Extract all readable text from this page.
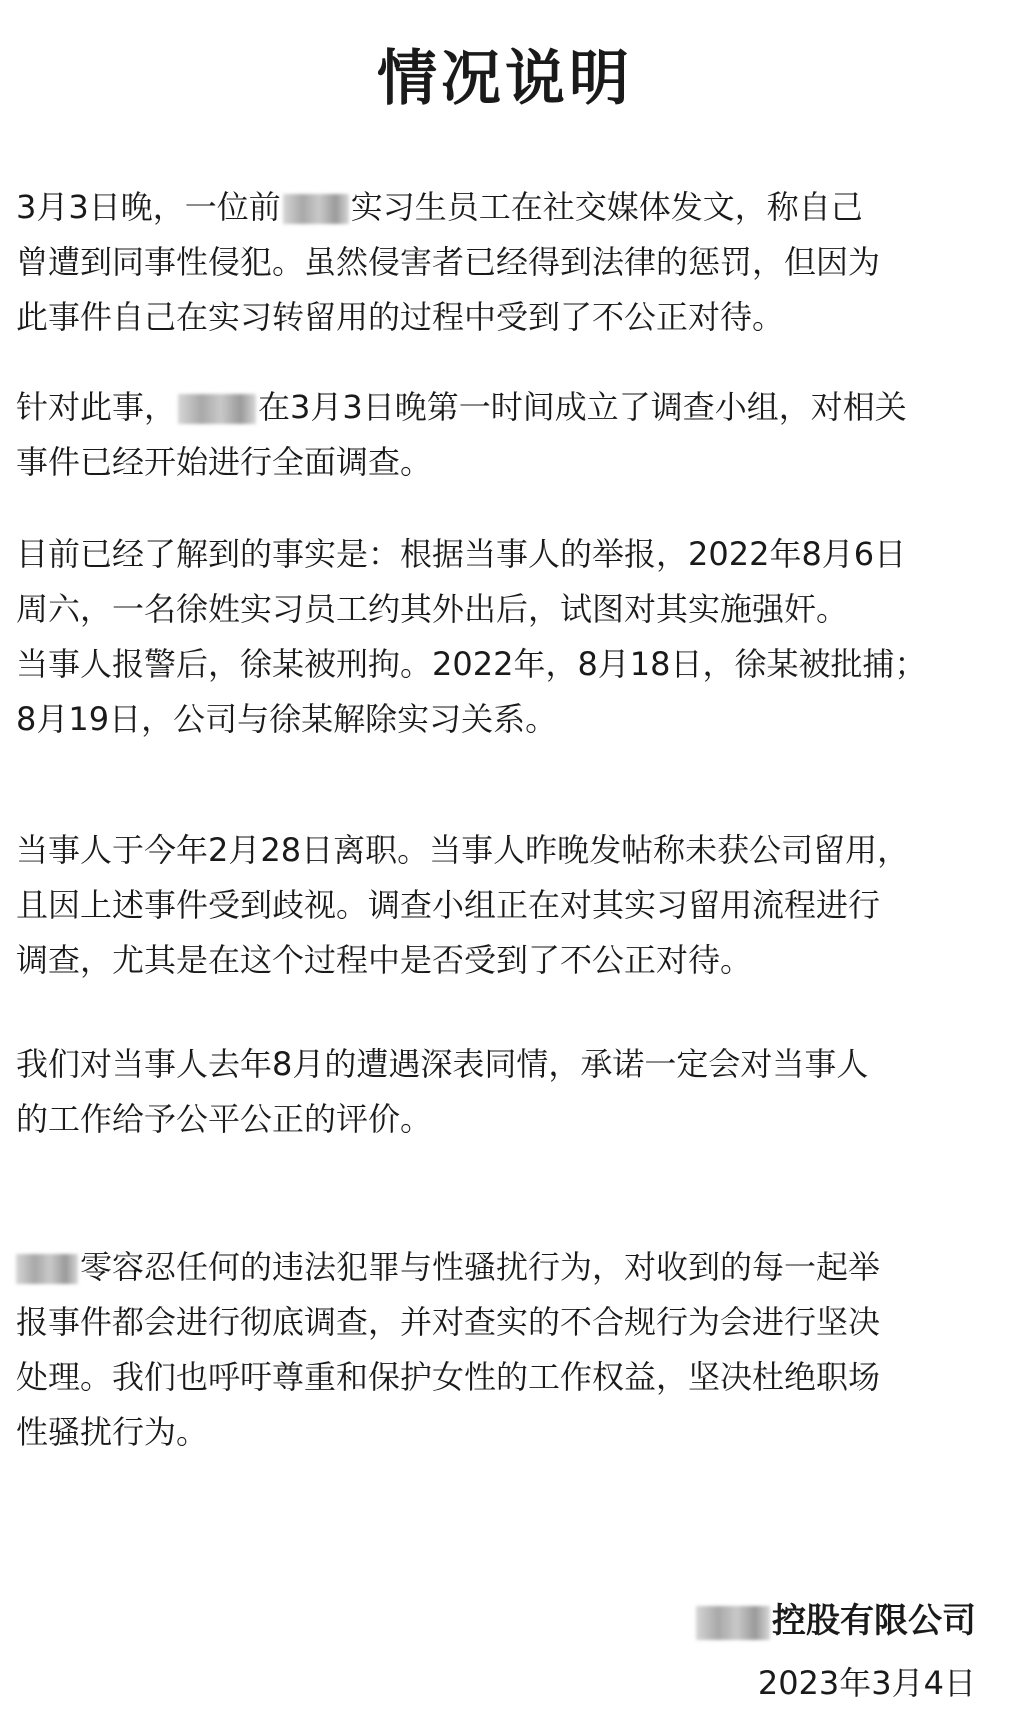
情况说明

3月3日晚，一位前 实习生员工在社交媒体发文，称自己
曾遭到同事性侵犯。虽然侵害者已经得到法律的惩罚，但因为
此事件自己在实习转留用的过程中受到了不公正对待。

针对此事，	在3月3日晚第一时间成立了调查小组，对相关
事件已经开始进行全面调查。

目前已经了解到的事实是：根据当事人的举报，2022年8月6日
周六，一名徐姓实习员工约其外出后，试图对其实施强奸。
当事人报警后，徐某被刑拘。2022年，8月18日，徐某被批捕；
8月19日，公司与徐某解除实习关系。

当事人于今年2月28日离职。当事人昨晚发帖称未获公司留用，
且因上述事件受到歧视。调查小组正在对其实习留用流程进行
调查，尤其是在这个过程中是否受到了不公正对待。

我们对当事人去年8月的遭遇深表同情，承诺一定会对当事人
的工作给予公平公正的评价。

零容忍任何的违法犯罪与性骚扰行为，对收到的每一起举
报事件都会进行彻底调查，并对查实的不合规行为会进行坚决
处理。我们也呼吁尊重和保护女性的工作权益，坚决杜绝职场
性骚扰行为。

控股有限公司
2023年3月4日
